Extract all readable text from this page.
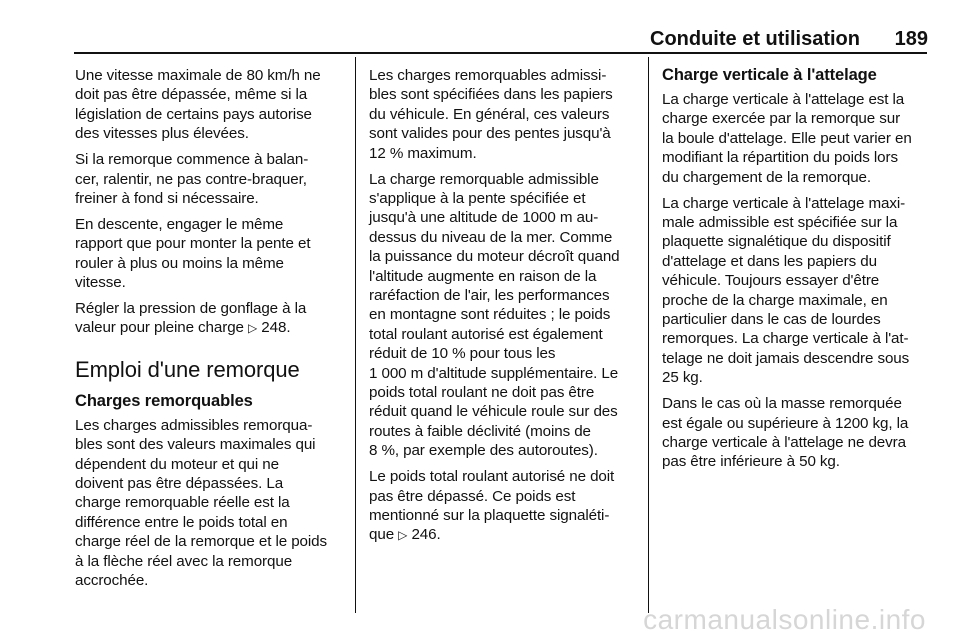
Conduite et utilisation	189

Une vitesse maximale de 80 km/h ne
doit pas être dépassée, même si la
législation de certains pays autorise
des vitesses plus élevées.

Si la remorque commence à balan‐
cer, ralentir, ne pas contre-braquer,
freiner à fond si nécessaire.

En descente, engager le même
rapport que pour monter la pente et
rouler à plus ou moins la même
vitesse.

Régler la pression de gonflage à la
valeur pour pleine charge ▷ 248.

Emploi d'une remorque
Charges remorquables

Les charges admissibles remorqua‐
bles sont des valeurs maximales qui
dépendent du moteur et qui ne
doivent pas être dépassées. La
charge remorquable réelle est la
différence entre le poids total en
charge réel de la remorque et le poids
à la flèche réel avec la remorque
accrochée.

Les charges remorquables admissi‐
bles sont spécifiées dans les papiers
du véhicule. En général, ces valeurs
sont valides pour des pentes jusqu'à
12 % maximum.

La charge remorquable admissible
s'applique à la pente spécifiée et
jusqu'à une altitude de 1000 m au-
dessus du niveau de la mer. Comme
la puissance du moteur décroît quand
l'altitude augmente en raison de la
raréfaction de l'air, les performances
en montagne sont réduites ; le poids
total roulant autorisé est également
réduit de 10 % pour tous les
1 000 m d'altitude supplémentaire. Le
poids total roulant ne doit pas être
réduit quand le véhicule roule sur des
routes à faible déclivité (moins de
8 %, par exemple des autoroutes).

Le poids total roulant autorisé ne doit
pas être dépassé. Ce poids est
mentionné sur la plaquette signaléti‐
que ▷ 246.

Charge verticale à l'attelage

La charge verticale à l'attelage est la
charge exercée par la remorque sur
la boule d'attelage. Elle peut varier en
modifiant la répartition du poids lors
du chargement de la remorque.

La charge verticale à l'attelage maxi‐
male admissible est spécifiée sur la
plaquette signalétique du dispositif
d'attelage et dans les papiers du
véhicule. Toujours essayer d'être
proche de la charge maximale, en
particulier dans le cas de lourdes
remorques. La charge verticale à l'at‐
telage ne doit jamais descendre sous
25 kg.

Dans le cas où la masse remorquée
est égale ou supérieure à 1200 kg, la
charge verticale à l'attelage ne devra
pas être inférieure à 50 kg.

carmanualsonline.info
